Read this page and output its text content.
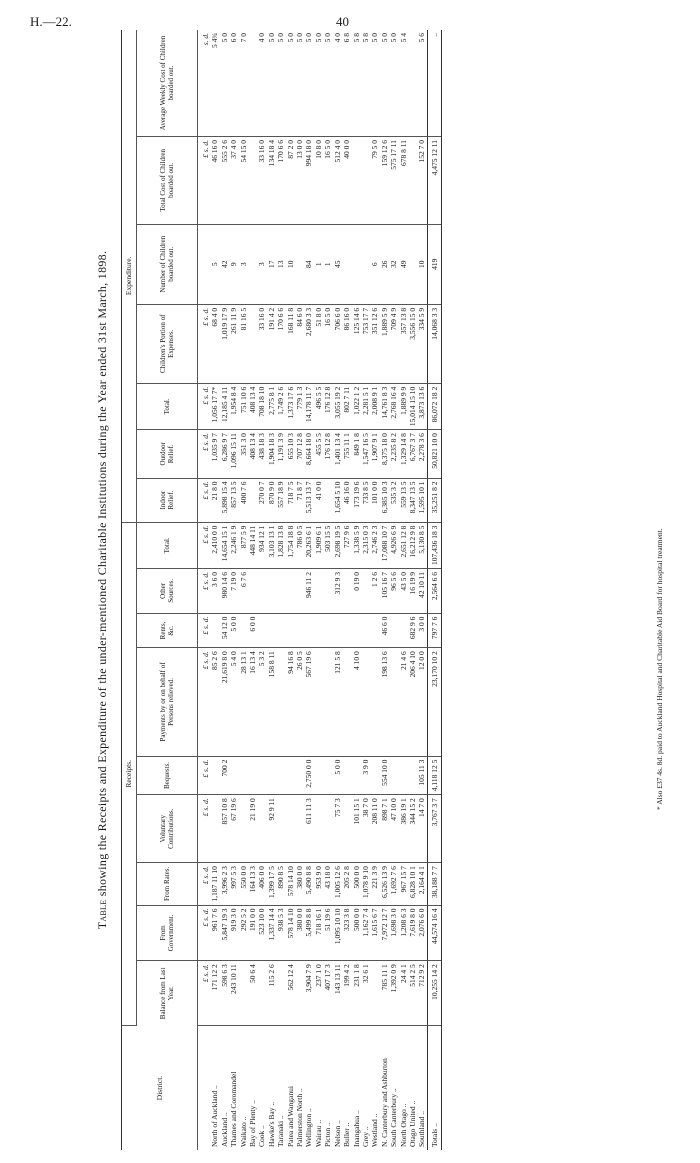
H.—22.	40
Table showing the Receipts and Expenditure of the under-mentioned Charitable Institutions during the Year ended 31st March, 1898.
District.	Receipts.									Expenditure.						
	Balance from Last Year.	From Government.	From Rates.	Voluntary Contributions.	Bequests.	Payments by or on behalf of Persons relieved.	Rents, &c.	Other Sources.	Total.	Indoor Relief.	Outdoor Relief.	Total.	Children's Portion of Expenses.	Number of Children boarded out.	Total Cost of Children boarded out.	Average Weekly Cost of Children boarded out.
	£ s. d.	£ s. d.	£ s. d.	£ s. d.	£ s. d.	£ s. d.	£ s. d.	£ s. d.	£ s. d.	£ s. d.	£ s. d.	£ s. d.	£ s. d.		£ s. d.	s. d.
North of Auckland ..	171 12 2	961 7 6	1,187 11 10			85 2 6		3 6 0	2,410 0 0	21 8 0	1,035 9 7	1,056 17 7*	68 4 0	5	46 16 0	5 4¾
Auckland ..	598 6 3	5,847 19 3	3,996 2 3	857 10 8	700 2	21,619 8 0	54 12 0	980 14 6	14,654 15 1	5,898 15 4	6,286 9 7	12,185 4 11	1,019 17 9	42	555 2 6	5 0
Thames and Coromandel	243 10 11	919 3 0	997 5 3	67 19 6		5 4 0	5 0 0	7 19 0	2,246 1 9	857 13 5	1,096 15 11	1,954 8 4	261 11 9	9	37 4 0	6 0
Waikato ..		292 5 2	550 0 0			28 13 1		6 7 6	877 5 9	400 7 6	351 3 0	751 10 6	81 16 5	3	54 15 0	7 0
Bay of Plenty ..	50 6 4	191 0 0	164 13 3	21 19 0		16 13 4	6 0 0		448 14 11		408 13 4	408 13 4				
Cook ..		523 10 0	406 0 0			5 3 2			934 12 1	270 0 7	438 18 3	708 18 10	33 16 0	3	33 16 0	4 0
Hawke's Bay ..	115 2 6	1,337 14 4	1,399 17 5	92 9 11		158 8 11			3,103 13 1	870 9 0	1,904 18 3	2,775 8 1	191 4 2	17	134 18 4	5 0
Taranaki ..		938 5 3	890 8 5						1,828 13 8	557 18 9	1,191 3 9	1,749 2 6	170 6 6	13	170 6 6	5 0
Patea and Wanganui	562 12 4	578 14 10	578 14 10			94 16 8			1,754 18 8	718 7 5	655 10 3	1,373 17 6	168 11 8	10	87 2 0	5 0
Palmerston North ..		380 0 0	380 0 0			26 0 5			786 0 5	71 8 7	707 12 8	779 1 3	84 6 0		13 0 0	5 0
Wellington ..	3,904 7 9	5,499 8 8	5,490 8 8	611 11 3	2,750 0 0	567 19 6		946 11 2	20,263 6 1	5,513 13 7	8,664 18 0	14,178 11 7	2,680 3 3	84	994 18 0	5 0
Wairau ..	237 1 0	718 16 1	953 9 0						1,909 6 1	41 0 0	455 5 5	496 5 5	51 8 0	1	10 8 0	5 0
Picton ..	407 17 3	51 19 6	43 18 0						503 15 5		176 12 8	176 12 8	16 5 0	1	16 5 0	5 0
Nelson ..	143 13 11	1,095 10 10	1,005 12 6	75 7 3	5 0 0	121 5 8		312 9 3	2,698 19 5	1,654 5 10	1,401 13 4	3,055 19 2	706 6 0	45	512 4 0	4 0
Buller ..	199 4 2	323 3 8	205 2 8						727 9 6	46 16 0	755 11 1	802 7 11	86 16 0		40 0 0	6 8
Inangahua ..	231 1 8	500 0 0	500 0 0	101 15 1		4 10 0		0 19 0	1,338 5 9	173 19 6	849 1 8	1,022 1 2	125 14 6			5 8
Grey ..	32 6 1	1,162 7 4	1,078 9 10	38 7 0	3 9 0				2,315 0 3	733 8 5	1,547 16 5	2,281 5 1	753 17 7			5 8
Westland ..		1,615 6 7	221 3 9	208 11 0				1 2 6	2,746 2 3	101 0 0	1,907 9 1	2,008 9 1	351 12 6	6	79 5 0	5 0
N. Canterbury and Ashburton	785 11 1	7,972 12 7	6,526 13 9	898 7 1	554 10 0	198 13 6	46 6 0	105 16 7	17,088 10 7	6,385 10 3	8,375 18 0	14,761 8 3	1,889 5 9	26	159 12 6	5 0
South Canterbury ..	1,392 0 9	1,698 3 0	1,692 7 6	47 10 0				96 5 6	4,926 6 9	535 3 2	2,235 8 2	2,768 16 4	709 4 9	32	575 17 11	5 0
North Otago ..	24 4 1	1,208 6 3	967 15 7	386 19 1		21 4 6		43 5 0	2,651 12 8	559 13 5	1,329 14 8	1,889 9 9	357 13 8	49	678 8 11	5 4
Otago United ..	514 2 5	7,619 8 0	6,828 10 1	344 15 2		206 4 10	682 9 6	16 19 9	16,212 9 8	8,347 13 5	6,767 3 7	15,014 15 10	3,556 15 0			
Southland ..	712 9 2	2,076 6 0	2,164 4 1	14 7 0	105 11 3	12 0 0	3 0 0	42 10 11	5,130 8 5	1,595 10 1	2,278 3 6	3,873 13 6	334 5 9	10	152 7 0	5 6
Totals ..	10,255 14 2	44,574 16 4	38,188 7 7	3,767 3 7	4,118 12 5	23,170 10 2	797 7 6	2,564 6 6	107,436 18 3	35,251 8 2	50,821 10 0	86,072 18 2	14,068 3 3	419	4,475 12 11	..
* Also £37 4s. 8d. paid to Auckland Hospital and Charitable Aid Board for hospital treatment.
